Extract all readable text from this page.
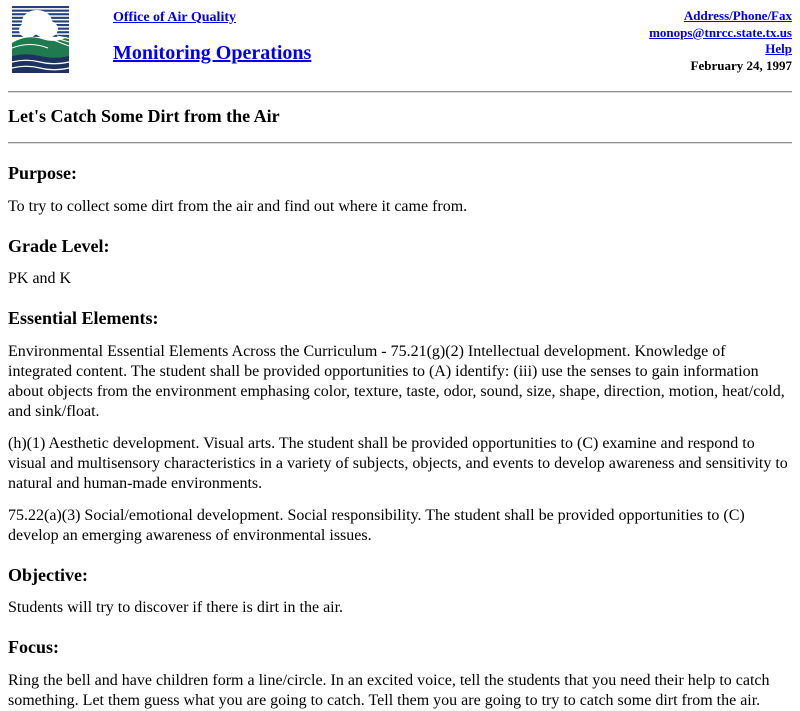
Office of Air Quality
Monitoring Operations
Address/Phone/Fax
monops@tnrcc.state.tx.us
Help
February 24, 1997
Let's Catch Some Dirt from the Air
Purpose:

To try to collect some dirt from the air and find out where it came from.

Grade Level:

PK and K

Essential Elements:

Environmental Essential Elements Across the Curriculum - 75.21(g)(2) Intellectual development. Knowledge of integrated content. The student shall be provided opportunities to (A) identify: (iii) use the senses to gain information about objects from the environment emphasing color, texture, taste, odor, sound, size, shape, direction, motion, heat/cold, and sink/float.

(h)(1) Aesthetic development. Visual arts. The student shall be provided opportunities to (C) examine and respond to visual and multisensory characteristics in a variety of subjects, objects, and events to develop awareness and sensitivity to natural and human-made environments.

75.22(a)(3) Social/emotional development. Social responsibility. The student shall be provided opportunities to (C) develop an emerging awareness of environmental issues.

Objective:

Students will try to discover if there is dirt in the air.

Focus:

Ring the bell and have children form a line/circle. In an excited voice, tell the students that you need their help to catch something. Let them guess what you are going to catch. Tell them you are going to try to catch some dirt from the air.
